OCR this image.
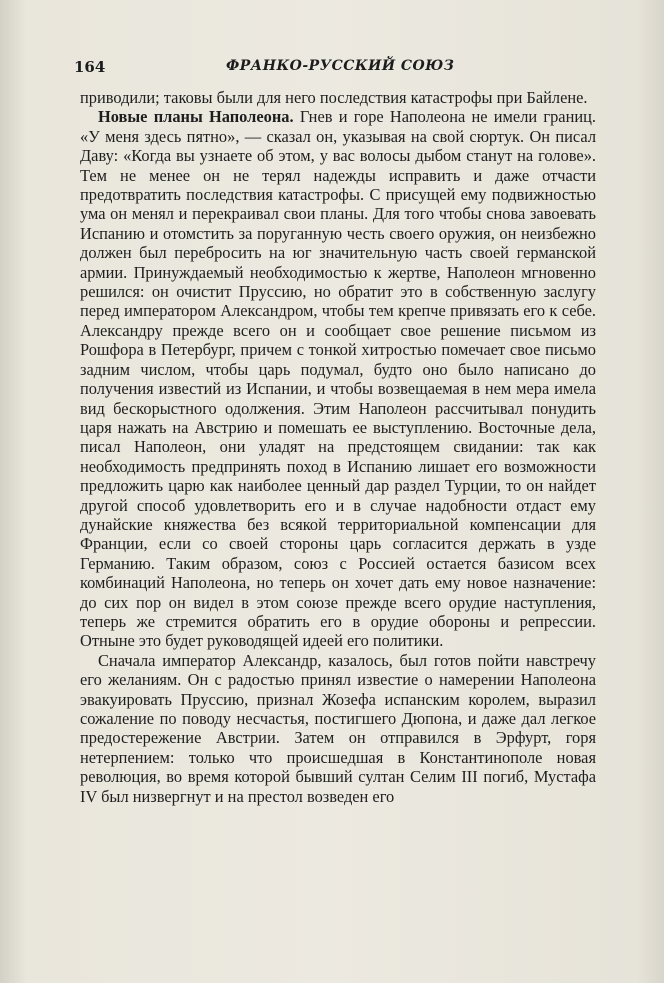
164	ФРАНКО-РУССКИЙ СОЮЗ

приводили; таковы были для него последствия катастрофы при Байлене.

Новые планы Наполеона. Гнев и горе Наполеона не имели границ. «У меня здесь пятно», — сказал он, указывая на свой сюртук. Он писал Даву: «Когда вы узнаете об этом, у вас волосы дыбом станут на голове». Тем не менее он не терял надежды исправить и даже отчасти предотвратить последствия катастрофы. С присущей ему подвижностью ума он менял и перекраивал свои планы. Для того чтобы снова завоевать Испанию и отомстить за поруганную честь своего оружия, он неизбежно должен был перебросить на юг значительную часть своей германской армии. Принуждаемый необходимостью к жертве, Наполеон мгновенно решился: он очистит Пруссию, но обратит это в собственную заслугу перед императором Александром, чтобы тем крепче привязать его к себе. Александру прежде всего он и сообщает свое решение письмом из Рошфора в Петербург, причем с тонкой хитростью помечает свое письмо задним числом, чтобы царь подумал, будто оно было написано до получения известий из Испании, и чтобы возвещаемая в нем мера имела вид бескорыстного одолжения. Этим Наполеон рассчитывал понудить царя нажать на Австрию и помешать ее выступлению. Восточные дела, писал Наполеон, они уладят на предстоящем свидании: так как необходимость предпринять поход в Испанию лишает его возможности предложить царю как наиболее ценный дар раздел Турции, то он найдет другой способ удовлетворить его и в случае надобности отдаст ему дунайские княжества без всякой территориальной компенсации для Франции, если со своей стороны царь согласится держать в узде Германию. Таким образом, союз с Россией остается базисом всех комбинаций Наполеона, но теперь он хочет дать ему новое назначение: до сих пор он видел в этом союзе прежде всего орудие наступления, теперь же стремится обратить его в орудие обороны и репрессии. Отныне это будет руководящей идеей его политики.

Сначала император Александр, казалось, был готов пойти навстречу его желаниям. Он с радостью принял известие о намерении Наполеона эвакуировать Пруссию, признал Жозефа испанским королем, выразил сожаление по поводу несчастья, постигшего Дюпона, и даже дал легкое предостережение Австрии. Затем он отправился в Эрфурт, горя нетерпением: только что происшедшая в Константинополе новая революция, во время которой бывший султан Селим III погиб, Мустафа IV был низвергнут и на престол возведен его
